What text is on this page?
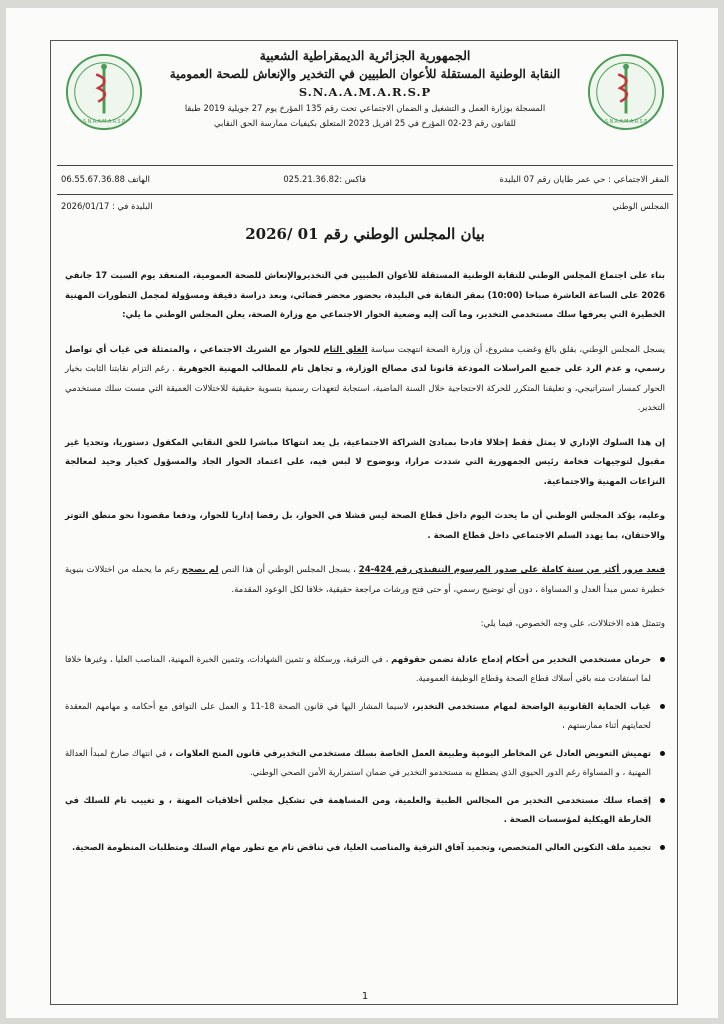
S.N.A.A.M.A.R.S.P
S.N.A.A.M.A.R.S.P
الجمهورية الجزائرية الديمقراطية الشعبية
النقابة الوطنية المستقلة للأعوان الطبيين في التخدير والإنعاش للصحة العمومية
S.N.A.A.M.A.R.S.P
المسجلة بوزارة العمل و التشغيل و الضمان الاجتماعي تحت رقم 135 المؤرخ يوم 27 جويلية 2019 طبقا
للقانون رقم 23-02 المؤرخ في 25 افريل 2023 المتعلق بكيفيات ممارسة الحق النقابي
المقر الاجتماعي : حي عمر طايان رقم 07 البليدة
فاكس :025.21.36.82
الهاتف 06.55.67.36.88
المجلس الوطني
البليدة في : 2026/01/17
بيان المجلس الوطني رقم 01 /2026

بناء على اجتماع المجلس الوطني للنقابة الوطنية المستقلة للأعوان الطبيين في التخديروالإنعاش للصحة العمومية، المنعقد يوم السبت 17 جانفي 2026 على الساعة العاشرة صباحا (10:00) بمقر النقابة في البليدة، بحضور محضر قضائي، وبعد دراسة دقيقة ومسؤولة لمجمل التطورات المهنية الخطيرة التي يعرفها سلك مستخدمي التخدير، وما آلت إليه وضعية الحوار الاجتماعي مع وزارة الصحة، يعلن المجلس الوطني ما يلي:

يسجل المجلس الوطني، بقلق بالغ وغضب مشروع، أن وزارة الصحة انتهجت سياسة الغلق التام للحوار مع الشريك الاجتماعي ، والمتمثلة في غياب أي تواصل رسمي، و عدم الرد على جميع المراسلات المودعة قانونا لدى مصالح الوزارة، و تجاهل تام للمطالب المهنية الجوهرية . رغم التزام نقابتنا الثابت بخيار الحوار كمسار استراتيجي، و تعليقنا المتكرر للحركة الاحتجاجية خلال السنة الماضية، استجابة لتعهدات رسمية بتسوية حقيقية للاختلالات العميقة التي مست سلك مستخدمي التخدير.

إن هذا السلوك الإداري لا يمثل فقط إخلالا فادحا بمبادئ الشراكة الاجتماعية، بل يعد انتهاكا مباشرا للحق النقابي المكفول دستوريا، وتحديا غير مقبول لتوجيهات فخامة رئيس الجمهورية التي شددت مرارا، وبوضوح لا لبس فيه، على اعتماد الحوار الجاد والمسؤول كخيار وحيد لمعالجة النزاعات المهنية والاجتماعية.

وعليه، يؤكد المجلس الوطني أن ما يحدث اليوم داخل قطاع الصحة ليس فشلا في الحوار، بل رفضا إداريا للحوار، ودفعا مقصودا نحو منطق التوتر والاحتقان، بما يهدد السلم الاجتماعي داخل قطاع الصحة .

فبعد مرور أكثر من سنة كاملة على صدور المرسوم التنفيذي رقم 424-24 ، يسجل المجلس الوطني أن هذا النص لم يصحح رغم ما يحمله من اختلالات بنيوية خطيرة تمس مبدأ العدل و المساواة ، دون أي توضيح رسمي، أو حتى فتح ورشات مراجعة حقيقية، خلافا لكل الوعود المقدمة.

وتتمثل هذه الاختلالات، على وجه الخصوص، فيما يلي:

حرمان مستخدمي التخدير من أحكام إدماج عادلة تضمن حقوقهم ، في الترقية، ورسكلة و تثمين الشهادات، وتثمين الخبرة المهنية، المناصب العليا ، وغيرها خلافا لما استفادت منه باقي أسلاك قطاع الصحة وقطاع الوظيفة العمومية.
غياب الحماية القانونية الواضحة لمهام مستخدمي التخدير، لاسيما المشار اليها في قانون الصحة 18-11 و العمل على التوافق مع أحكامه و مهامهم المعقدة لحمايتهم أثناء ممارستهم ،
تهميش التعويض العادل عن المخاطر اليومية وطبيعة العمل الخاصة بسلك مستخدمي التخديرفي قانون المنح العلاوات ، في انتهاك صارخ لمبدأ العدالة المهنية ، و المساواة رغم الدور الحيوي الذي يضطلع به مستخدمو التخدير في ضمان استمرارية الأمن الصحي الوطني.
إقصاء سلك مستخدمي التخدير من المجالس الطبية والعلمية، ومن المساهمة في تشكيل مجلس أخلاقيات المهنة ، و تغييب تام للسلك في الخارطة الهيكلية لمؤسسات الصحة .
تجميد ملف التكوين العالي المتخصص، وتجميد آفاق الترقية والمناصب العليا، في تناقض تام مع تطور مهام السلك ومتطلبات المنظومة الصحية.
1
